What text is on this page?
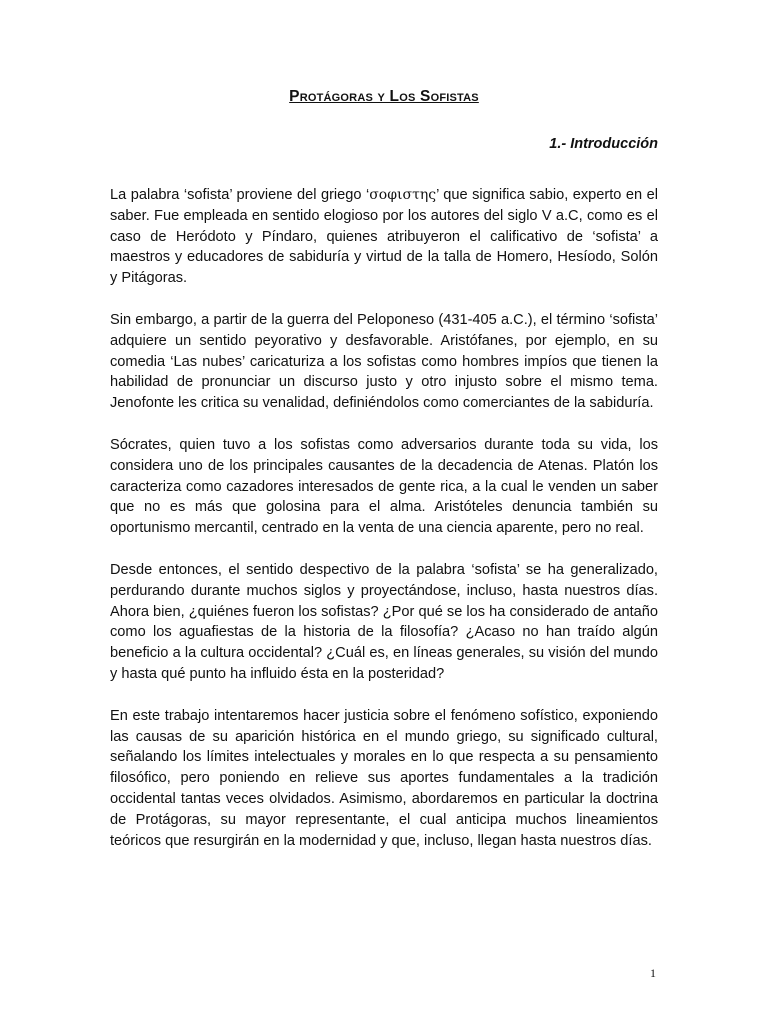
Protágoras y Los Sofistas
1.- Introducción

La palabra ‘sofista’ proviene del griego ‘σοφιστης’ que significa sabio, experto en el saber. Fue empleada en sentido elogioso por los autores del siglo V a.C, como es el caso de Heródoto y Píndaro, quienes atribuyeron el calificativo de ‘sofista’ a maestros y educadores de sabiduría y virtud de la talla de Homero, Hesíodo, Solón y Pitágoras.

Sin embargo, a partir de la guerra del Peloponeso (431-405 a.C.), el término ‘sofista’ adquiere un sentido peyorativo y desfavorable. Aristófanes, por ejemplo, en su comedia ‘Las nubes’ caricaturiza a los sofistas como hombres impíos que tienen la habilidad de pronunciar un discurso justo y otro injusto sobre el mismo tema. Jenofonte les critica su venalidad, definiéndolos como comerciantes de la sabiduría.

Sócrates, quien tuvo a los sofistas como adversarios durante toda su vida, los considera uno de los principales causantes de la decadencia de Atenas. Platón los caracteriza como cazadores interesados de gente rica, a la cual le venden un saber que no es más que golosina para el alma. Aristóteles denuncia también su oportunismo mercantil, centrado en la venta de una ciencia aparente, pero no real.

Desde entonces, el sentido despectivo de la palabra ‘sofista’ se ha generalizado, perdurando durante muchos siglos y proyectándose, incluso, hasta nuestros días. Ahora bien, ¿quiénes fueron los sofistas? ¿Por qué se los ha considerado de antaño como los aguafiestas de la historia de la filosofía? ¿Acaso no han traído algún beneficio a la cultura occidental? ¿Cuál es, en líneas generales, su visión del mundo y hasta qué punto ha influido ésta en la posteridad?

En este trabajo intentaremos hacer justicia sobre el fenómeno sofístico, exponiendo las causas de su aparición histórica en el mundo griego, su significado cultural, señalando los límites intelectuales y morales en lo que respecta a su pensamiento filosófico, pero poniendo en relieve sus aportes fundamentales a la tradición occidental tantas veces olvidados. Asimismo, abordaremos en particular la doctrina de Protágoras, su mayor representante, el cual anticipa muchos lineamientos teóricos que resurgirán en la modernidad y que, incluso, llegan hasta nuestros días.

1
